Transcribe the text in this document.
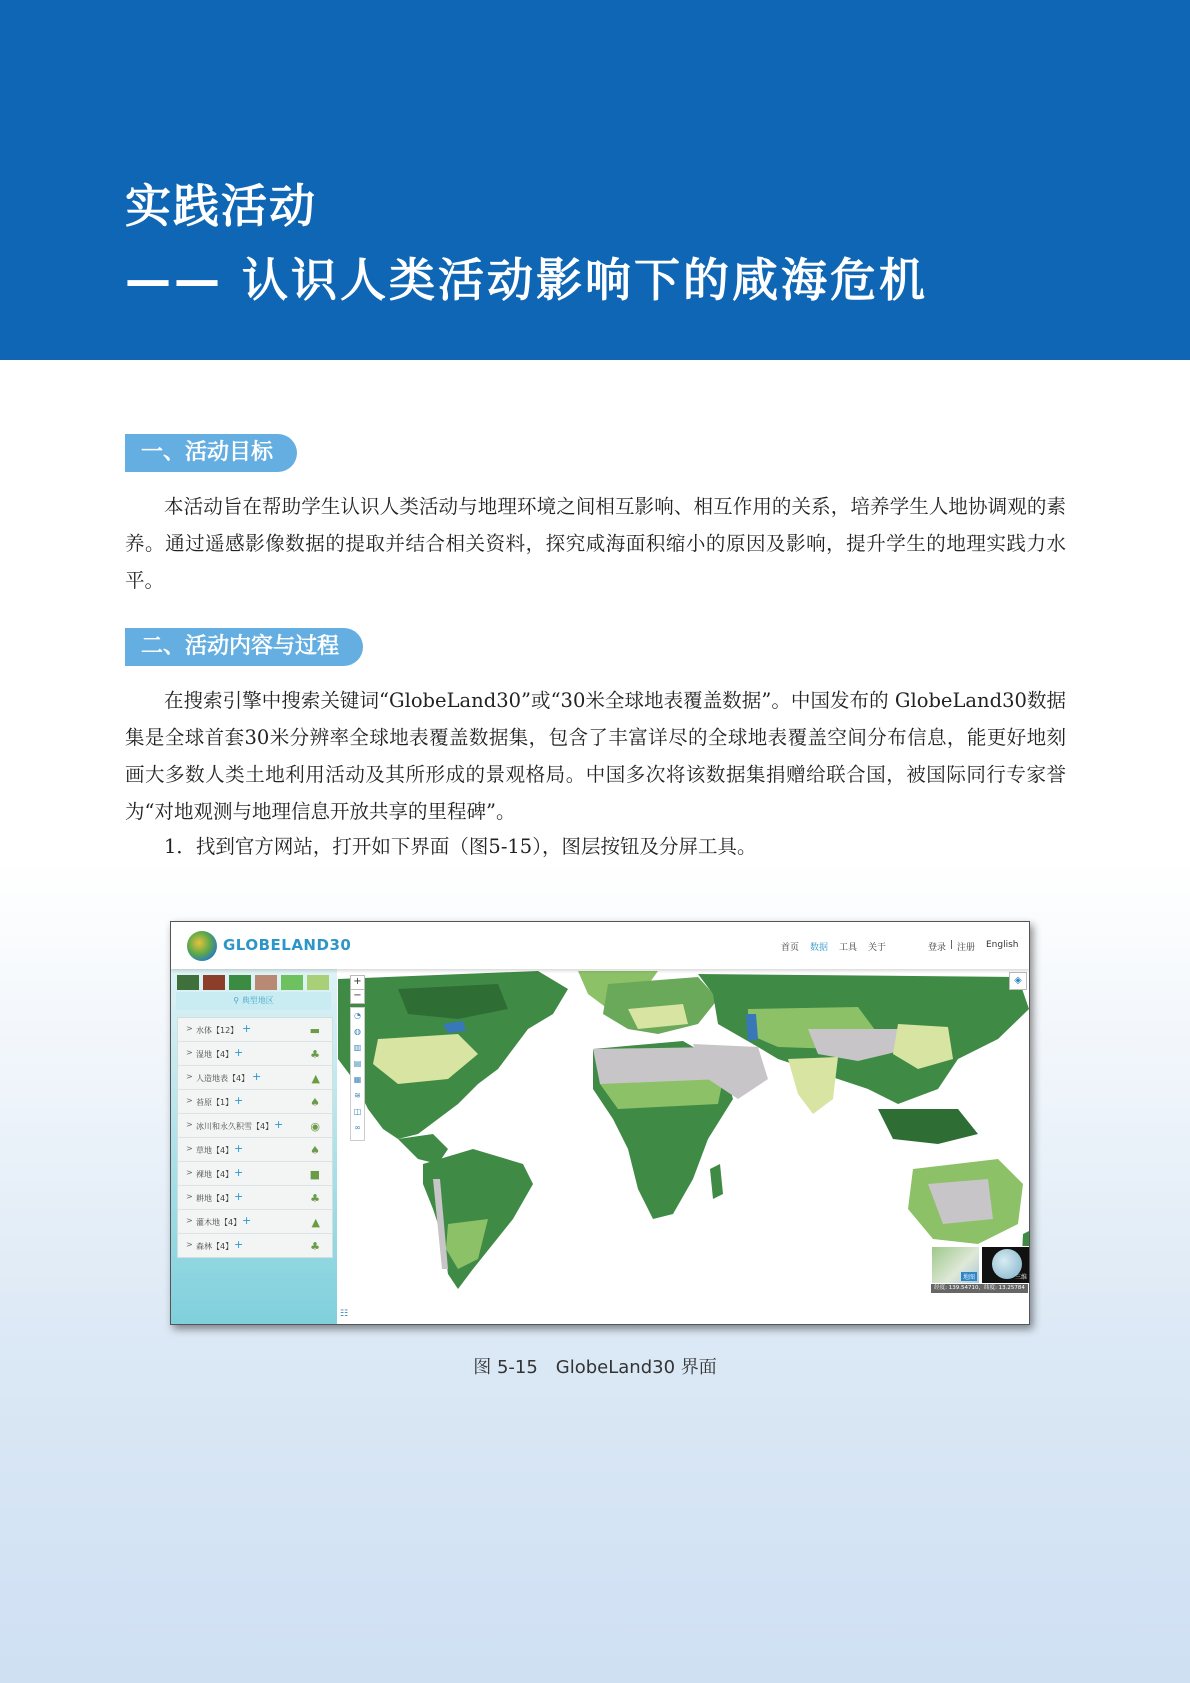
实践活动
—— 认识人类活动影响下的咸海危机
一、活动目标

本活动旨在帮助学生认识人类活动与地理环境之间相互影响、相互作用的关系，培养学生人地协调观的素养。通过遥感影像数据的提取并结合相关资料，探究咸海面积缩小的原因及影响，提升学生的地理实践力水平。

二、活动内容与过程

在搜索引擎中搜索关键词“GlobeLand30”或“30米全球地表覆盖数据”。中国发布的 GlobeLand30数据集是全球首套30米分辨率全球地表覆盖数据集，包含了丰富详尽的全球地表覆盖空间分布信息，能更好地刻画大多数人类土地利用活动及其所形成的景观格局。中国多次将该数据集捐赠给联合国，被国际同行专家誉为“对地观测与地理信息开放共享的里程碑”。

1．找到官方网站，打开如下界面（图5-15），图层按钮及分屏工具。
GLOBELAND30	首页 数据 工具 关于	登录 | 注册 English
⚲ 典型地区
> 水体【12】 +	▬
> 湿地【4】 +	♣
> 人造地表【4】 +	▲
> 苔原【1】 +	♠
> 冰川和永久积雪【4】 + ◉
> 草地【4】 +	♠
> 裸地【4】 +	■
> 耕地【4】 +	♣
> 灌木地【4】 +	▲
> 森林【4】 +	♣
+
−
◔
◍
▥
▤
▦
≋
◫
∞
◈
☷
地图	三维
经度: 139.54710，纬度: 13.25784
图 5-15　GlobeLand30 界面
